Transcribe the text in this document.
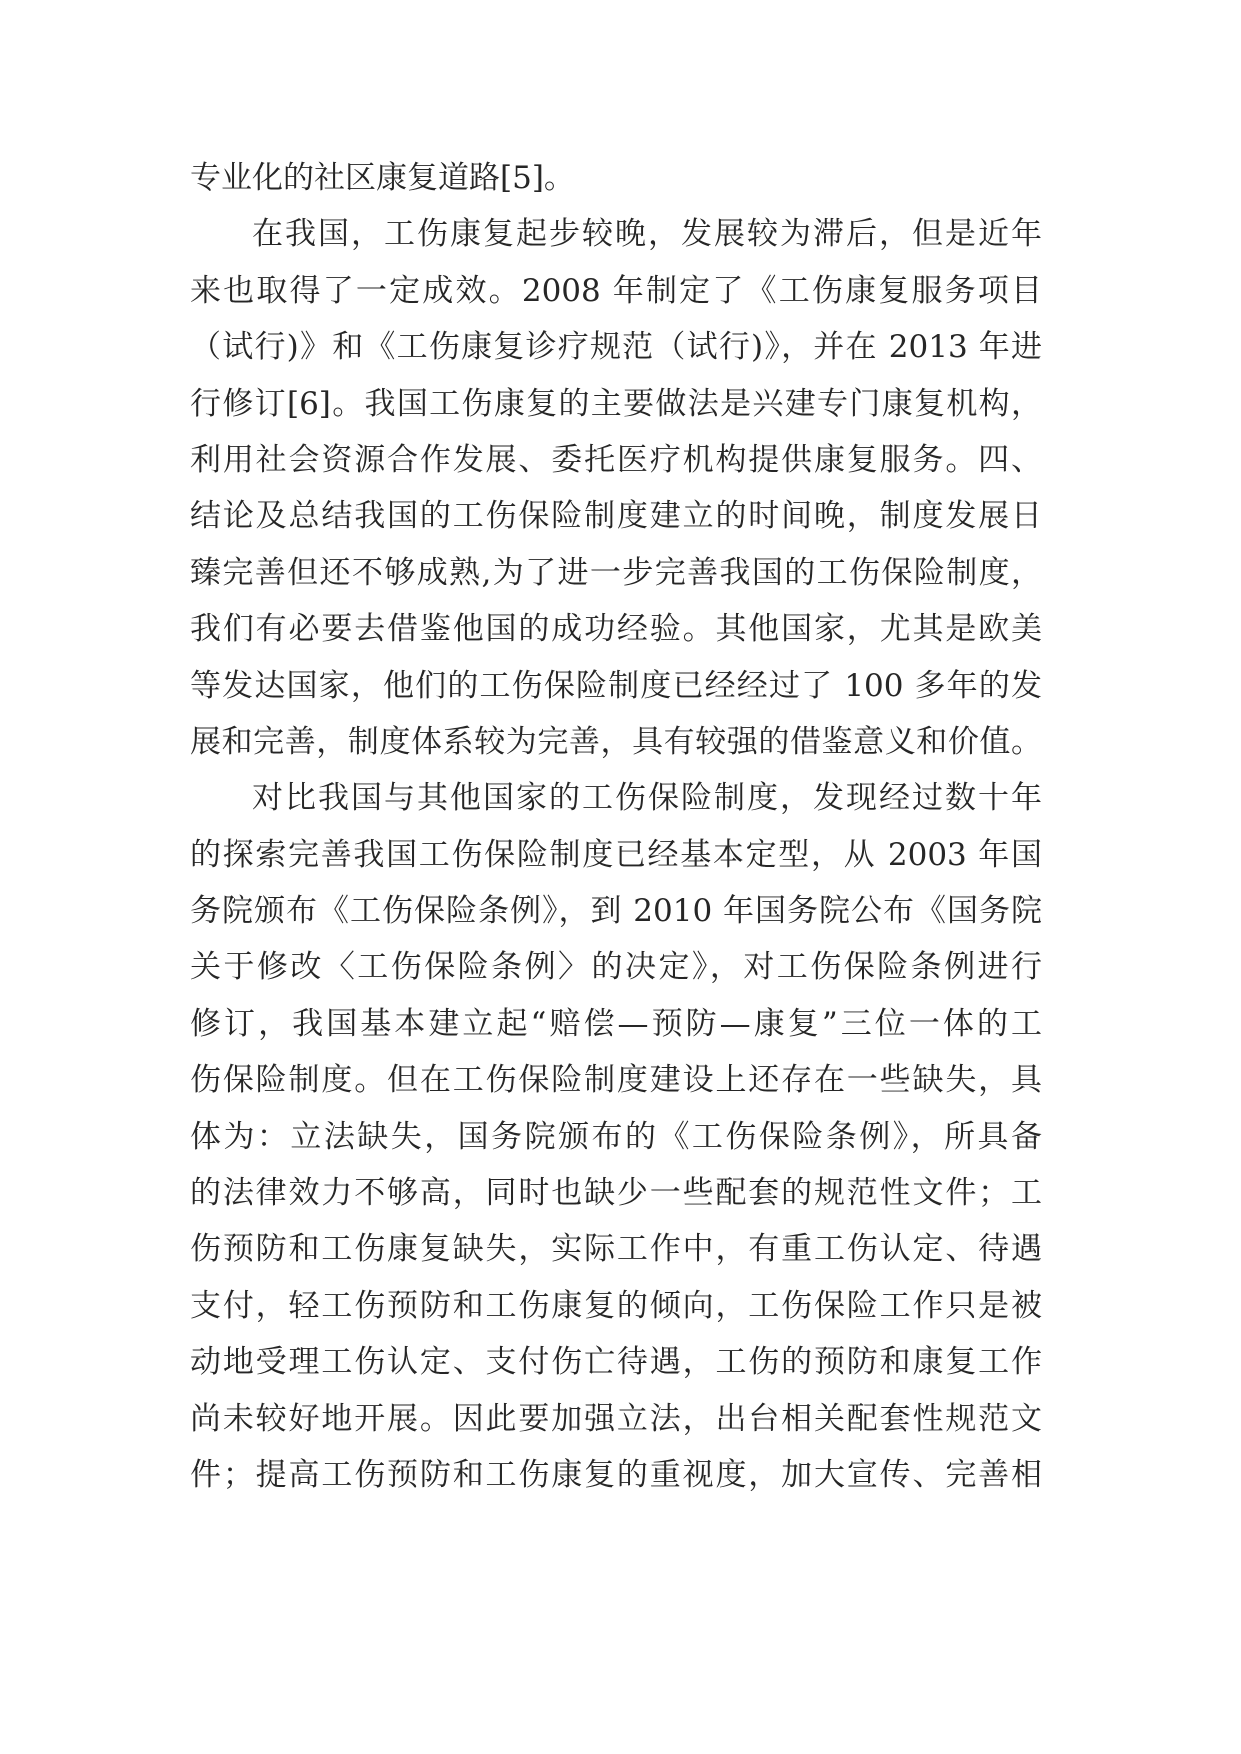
专业化的社区康复道路[5]。
在我国，工伤康复起步较晚，发展较为滞后，但是近年
来也取得了一定成效。2008 年制定了《工伤康复服务项目
（试行)》和《工伤康复诊疗规范（试行)》，并在 2013 年进
行修订[6]。我国工伤康复的主要做法是兴建专门康复机构，
利用社会资源合作发展、委托医疗机构提供康复服务。四、
结论及总结我国的工伤保险制度建立的时间晚，制度发展日
臻完善但还不够成熟,为了进一步完善我国的工伤保险制度，
我们有必要去借鉴他国的成功经验。其他国家，尤其是欧美
等发达国家，他们的工伤保险制度已经经过了 100 多年的发
展和完善，制度体系较为完善，具有较强的借鉴意义和价值。
对比我国与其他国家的工伤保险制度，发现经过数十年
的探索完善我国工伤保险制度已经基本定型，从 2003 年国
务院颁布《工伤保险条例》，到 2010 年国务院公布《国务院
关于修改〈工伤保险条例〉的决定》，对工伤保险条例进行
修订，我国基本建立起“赔偿—预防—康复”三位一体的工
伤保险制度。但在工伤保险制度建设上还存在一些缺失，具
体为：立法缺失，国务院颁布的《工伤保险条例》，所具备
的法律效力不够高，同时也缺少一些配套的规范性文件；工
伤预防和工伤康复缺失，实际工作中，有重工伤认定、待遇
支付，轻工伤预防和工伤康复的倾向，工伤保险工作只是被
动地受理工伤认定、支付伤亡待遇，工伤的预防和康复工作
尚未较好地开展。因此要加强立法，出台相关配套性规范文
件；提高工伤预防和工伤康复的重视度，加大宣传、完善相
